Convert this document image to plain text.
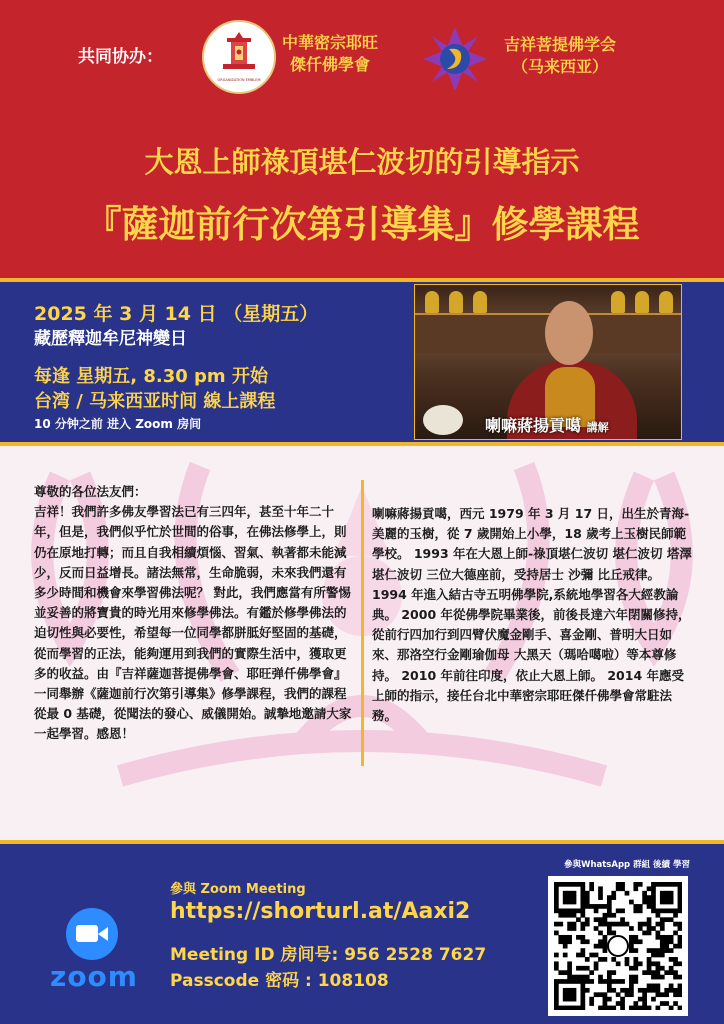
共同协办：
ORGANIZATION EMBLEM
中華密宗耶旺
傑仟佛學會
吉祥菩提佛学会
（马来西亚）
大恩上師祿頂堪仁波切的引導指示
『薩迦前行次第引導集』修學課程
2025 年 3 月 14 日 （星期五）
藏歷釋迦牟尼神變日
每逢 星期五, 8.30 pm 开始
台湾 / 马来西亚时间 線上課程
10 分钟之前 进入 Zoom 房间	喇嘛蔣揚貢噶 講解

尊敬的各位法友們：

吉祥！我們許多佛友學習法已有三四年，甚至十年二十年，但是，我們似乎忙於世間的俗事，在佛法修學上，則仍在原地打轉；而且自我相續煩惱、習氣、執著都未能減少，反而日益增長。諸法無常，生命脆弱，未來我們還有多少時間和機會來學習佛法呢？ 對此，我們應當有所警惕並妥善的將寶貴的時光用來修學佛法。有鑑於修學佛法的迫切性與必要性，希望每一位同學都胼胝好堅固的基礎，從而學習的正法，能夠運用到我們的實際生活中，獲取更多的收益。由『吉祥薩迦菩提佛學會、耶旺弹仟佛學會』一同舉辦《薩迦前行次第引導集》修學課程，我們的課程從最 0 基礎，從聞法的發心、威儀開始。誠摯地邀請大家一起學習。感恩！

喇嘛蔣揚貢噶，西元 1979 年 3 月 17 日，出生於青海-美麗的玉樹，從 7 歲開始上小學，18 歲考上玉樹民師範學校。 1993 年在大恩上師-祿頂堪仁波切 堪仁波切 塔澤堪仁波切 三位大德座前，受持居士 沙彌 比丘戒律。 1994 年進入結古寺五明佛學院,系統地學習各大經教論典。 2000 年從佛學院畢業後，前後長達六年閉關修持，從前行四加行到四臂伏魔金剛手、喜金剛、普明大日如來、那洛空行金剛瑜伽母 大黑天（瑪哈噶啦）等本尊修持。 2010 年前往印度，依止大恩上師。 2014 年應受上師的指示，接任台北中華密宗耶旺傑仟佛學會常駐法務。

zoom
參與 Zoom Meeting
https://shorturl.at/Aaxi2
Meeting ID 房间号: 956 2528 7627
Passcode 密码 : 108108
參與WhatsApp 群組 後續 學習
